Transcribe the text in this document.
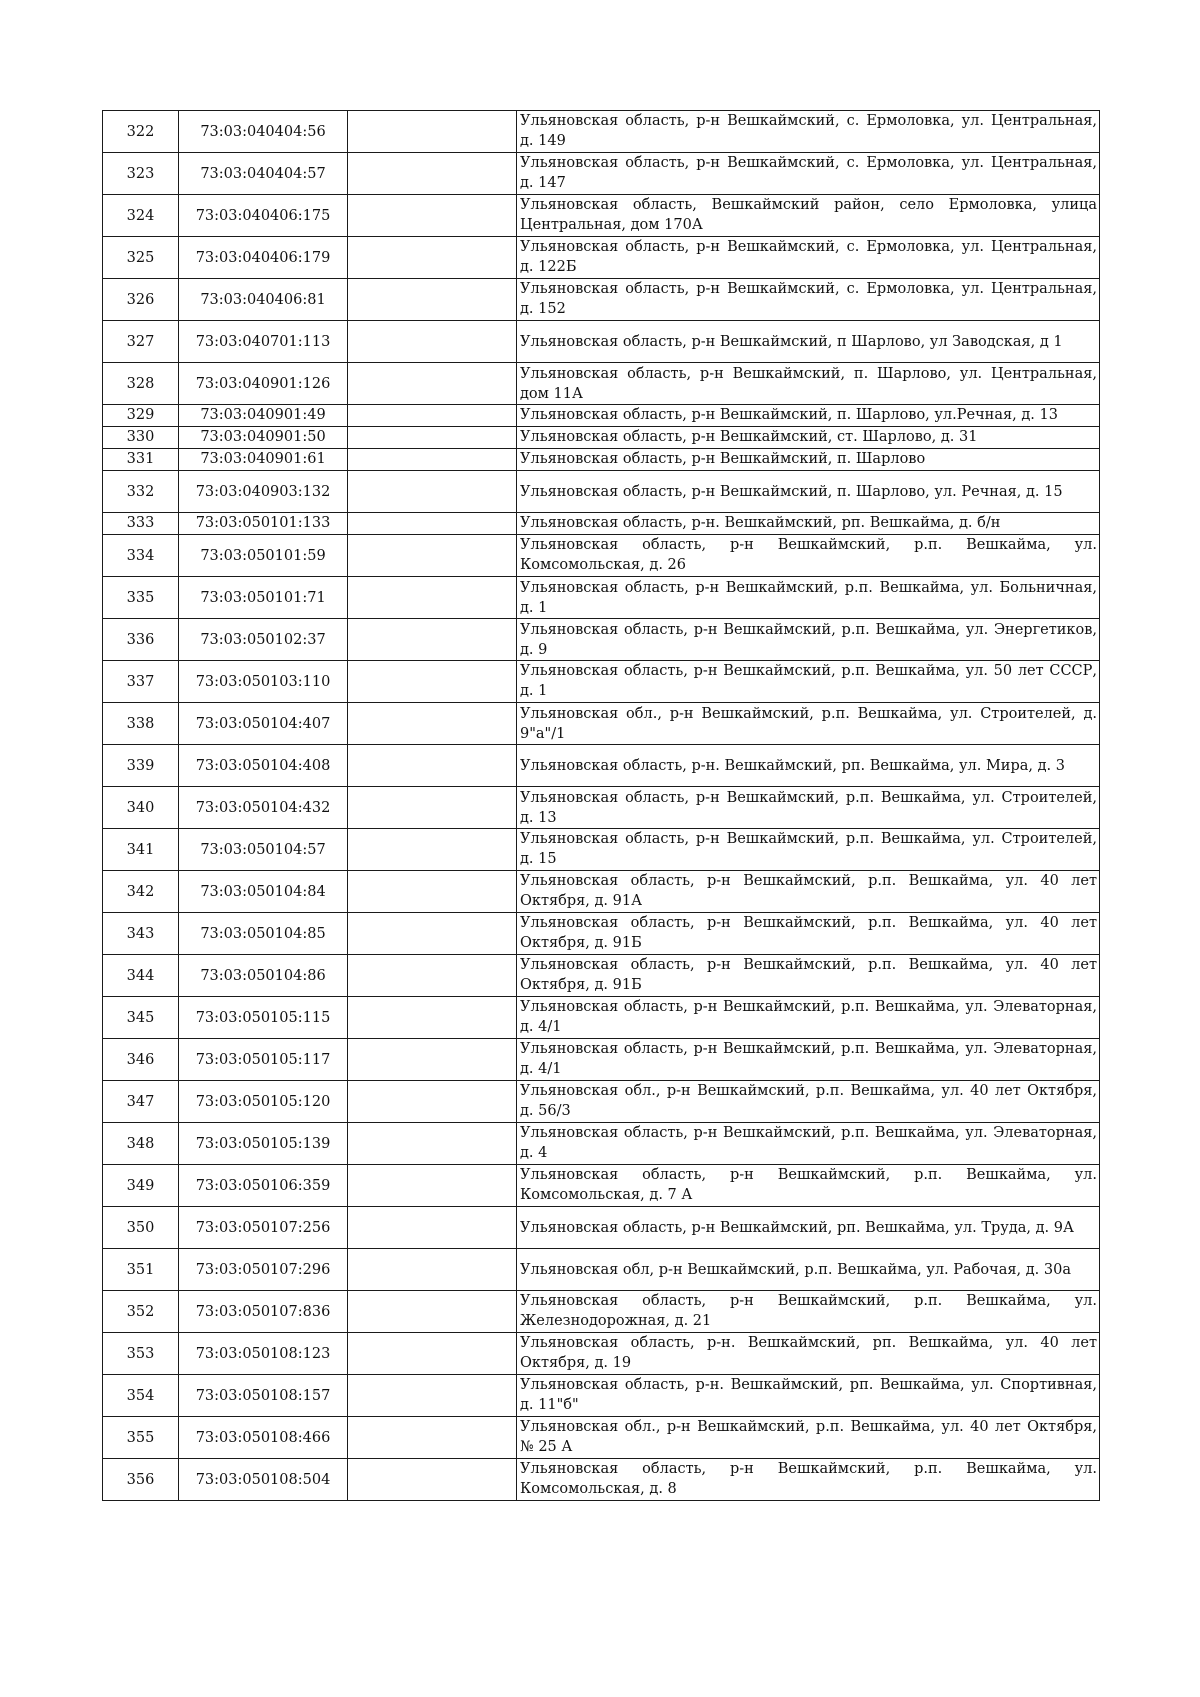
322	73:03:040404:56		Ульяновская область, р-н Вешкаймский, с. Ермоловка, ул. Центральная, д. 149
323	73:03:040404:57		Ульяновская область, р-н Вешкаймский, с. Ермоловка, ул. Центральная, д. 147
324	73:03:040406:175		Ульяновская область, Вешкаймский район, село Ермоловка, улица Центральная, дом 170А
325	73:03:040406:179		Ульяновская область, р-н Вешкаймский, с. Ермоловка, ул. Центральная, д. 122Б
326	73:03:040406:81		Ульяновская область, р-н Вешкаймский, с. Ермоловка, ул. Центральная, д. 152
327	73:03:040701:113		Ульяновская область, р-н Вешкаймский, п Шарлово, ул Заводская, д 1
328	73:03:040901:126		Ульяновская область, р-н Вешкаймский, п. Шарлово, ул. Центральная, дом 11А
329	73:03:040901:49		Ульяновская область, р-н Вешкаймский, п. Шарлово, ул.Речная, д. 13
330	73:03:040901:50		Ульяновская область, р-н Вешкаймский, ст. Шарлово, д. 31
331	73:03:040901:61		Ульяновская область, р-н Вешкаймский, п. Шарлово
332	73:03:040903:132		Ульяновская область, р-н Вешкаймский, п. Шарлово, ул. Речная, д. 15
333	73:03:050101:133		Ульяновская область, р-н. Вешкаймский, рп. Вешкайма, д. б/н
334	73:03:050101:59		Ульяновская область, р-н Вешкаймский, р.п. Вешкайма, ул. Комсомольская, д. 26
335	73:03:050101:71		Ульяновская область, р-н Вешкаймский, р.п. Вешкайма, ул. Больничная, д. 1
336	73:03:050102:37		Ульяновская область, р-н Вешкаймский, р.п. Вешкайма, ул. Энергетиков, д. 9
337	73:03:050103:110		Ульяновская область, р-н Вешкаймский, р.п. Вешкайма, ул. 50 лет СССР, д. 1
338	73:03:050104:407		Ульяновская обл., р-н Вешкаймский, р.п. Вешкайма, ул. Строителей, д. 9"а"/1
339	73:03:050104:408		Ульяновская область, р-н. Вешкаймский, рп. Вешкайма, ул. Мира, д. 3
340	73:03:050104:432		Ульяновская область, р-н Вешкаймский, р.п. Вешкайма, ул. Строителей, д. 13
341	73:03:050104:57		Ульяновская область, р-н Вешкаймский, р.п. Вешкайма, ул. Строителей, д. 15
342	73:03:050104:84		Ульяновская область, р-н Вешкаймский, р.п. Вешкайма, ул. 40 лет Октября, д. 91А
343	73:03:050104:85		Ульяновская область, р-н Вешкаймский, р.п. Вешкайма, ул. 40 лет Октября, д. 91Б
344	73:03:050104:86		Ульяновская область, р-н Вешкаймский, р.п. Вешкайма, ул. 40 лет Октября, д. 91Б
345	73:03:050105:115		Ульяновская область, р-н Вешкаймский, р.п. Вешкайма, ул. Элеваторная, д. 4/1
346	73:03:050105:117		Ульяновская область, р-н Вешкаймский, р.п. Вешкайма, ул. Элеваторная, д. 4/1
347	73:03:050105:120		Ульяновская обл., р-н Вешкаймский, р.п. Вешкайма, ул. 40 лет Октября, д. 56/3
348	73:03:050105:139		Ульяновская область, р-н Вешкаймский, р.п. Вешкайма, ул. Элеваторная, д. 4
349	73:03:050106:359		Ульяновская область, р-н Вешкаймский, р.п. Вешкайма, ул. Комсомольская, д. 7 А
350	73:03:050107:256		Ульяновская область, р-н Вешкаймский, рп. Вешкайма, ул. Труда, д. 9А
351	73:03:050107:296		Ульяновская обл, р-н Вешкаймский, р.п. Вешкайма, ул. Рабочая, д. 30а
352	73:03:050107:836		Ульяновская область, р-н Вешкаймский, р.п. Вешкайма, ул. Железнодорожная, д. 21
353	73:03:050108:123		Ульяновская область, р-н. Вешкаймский, рп. Вешкайма, ул. 40 лет Октября, д. 19
354	73:03:050108:157		Ульяновская область, р-н. Вешкаймский, рп. Вешкайма, ул. Спортивная, д. 11"б"
355	73:03:050108:466		Ульяновская обл., р-н Вешкаймский, р.п. Вешкайма, ул. 40 лет Октября, № 25 А
356	73:03:050108:504		Ульяновская область, р-н Вешкаймский, р.п. Вешкайма, ул. Комсомольская, д. 8
